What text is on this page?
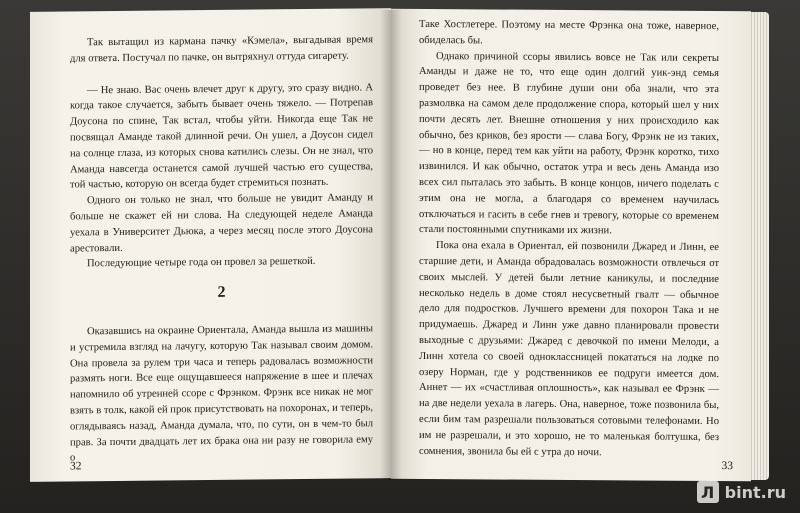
Так вытащил из кармана пачку «Кэмела», выгадывая время для ответа. Постучал по пачке, он вытряхнул оттуда сигарету.

— Не знаю. Вас очень влечет друг к другу, это сразу видно. А когда такое случается, забыть бывает очень тяжело. — Потрепав Доусона по спине, Так встал, чтобы уйти. Никогда еще Так не посвящал Аманде такой длинной речи. Он ушел, а Доусон сидел на солнце глаза, из которых снова катились слезы. Он не знал, что Аманда навсегда останется самой лучшей частью его существа, той частью, которую он всегда будет стремиться познать.

Одного он только не знал, что больше не увидит Аманду и больше не скажет ей ни слова. На следующей неделе Аманда уехала в Университет Дьюка, а через месяц после этого Доусона арестовали.

Последующие четыре года он провел за решеткой.

2

Оказавшись на окраине Ориентала, Аманда вышла из машины и устремила взгляд на лачугу, которую Так называл своим домом. Она провела за рулем три часа и теперь радовалась возможности размять ноги. Все еще ощущавшееся напряжение в шее и плечах напомнило об утренней ссоре с Фрэнком. Фрэнк все никак не мог взять в толк, какой ей прок присутствовать на похоронах, и теперь, оглядываясь назад, Аманда думала, что, по сути, он в чем-то был прав. За почти двадцать лет их брака она ни разу не говорила ему о

32

Таке Хостлетере. Поэтому на месте Фрэнка она тоже, наверное, обиделась бы.

Однако причиной ссоры явились вовсе не Так или секреты Аманды и даже не то, что еще один долгий уик-энд семья проведет без нее. В глубине души они оба знали, что эта размолвка на самом деле продолжение спора, который шел у них почти десять лет. Внешне отношения у них происходило как обычно, без криков, без ярости — слава Богу, Фрэнк не из таких, — но в конце, перед тем как уйти на работу, Фрэнк коротко, тихо извинился. И как обычно, остаток утра и весь день Аманда изо всех сил пыталась это забыть. В конце концов, ничего поделать с этим она не могла, а благодаря со временем научилась отключаться и гасить в себе гнев и тревогу, которые со временем стали постоянными спутниками их жизни.

Пока она ехала в Ориентал, ей позвонили Джаред и Линн, ее старшие дети, и Аманда обрадовалась возможности отвлечься от своих мыслей. У детей были летние каникулы, и последние несколько недель в доме стоял несусветный гвалт — обычное дело для подростков. Лучшего времени для похорон Така и не придумаешь. Джаред и Линн уже давно планировали провести выходные с друзьями: Джаред с девочкой по имени Мелоди, а Линн хотела со своей одноклассницей покататься на лодке по озеру Норман, где у родственников ее подруги имеется дом. Аннет — их «счастливая оплошность», как называл ее Фрэнк — на две недели уехала в лагерь. Она, наверное, тоже позвонила бы, если бим там разрешали пользоваться сотовыми телефонами. Но им не разрешали, и это хорошо, не то маленькая болтушка, без сомнения, звонила бы ей с утра до ночи.

33
Л bint.ru
